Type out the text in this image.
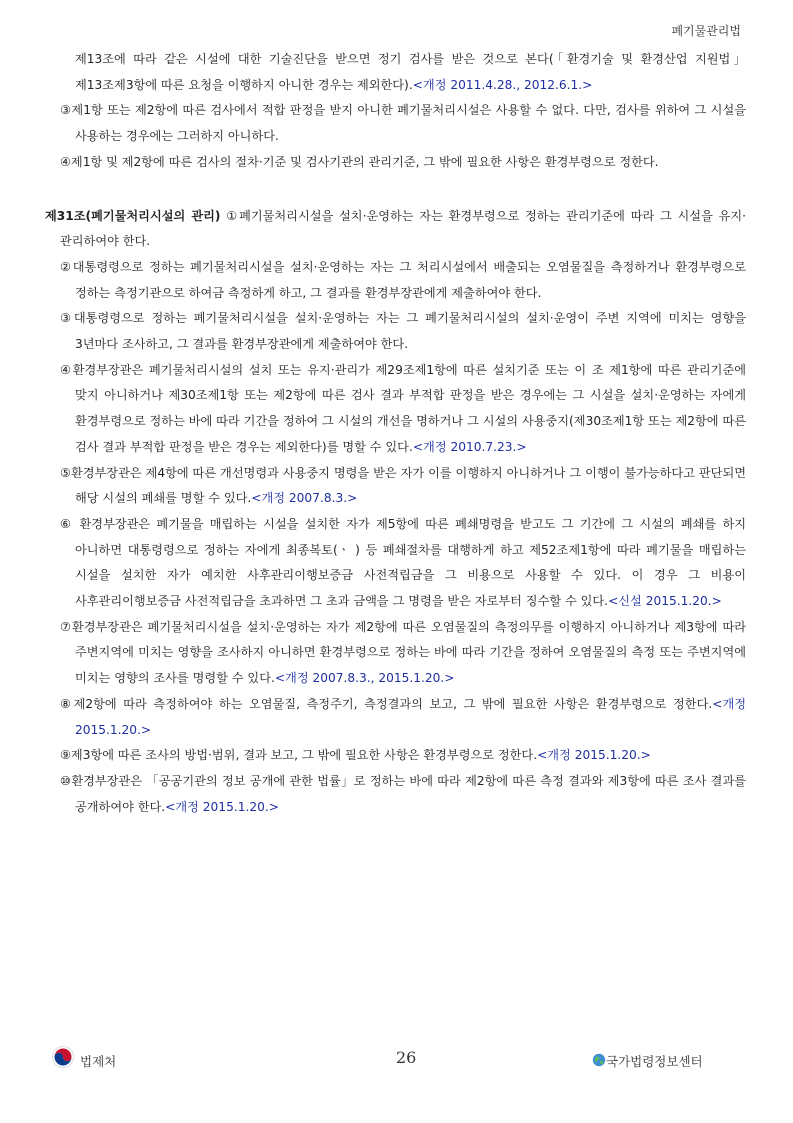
폐기물관리법
제13조에 따라 같은 시설에 대한 기술진단을 받으면 정기 검사를 받은 것으로 본다(「환경기술 및 환경산업 지원법」 제13조제3항에 따른 요청을 이행하지 아니한 경우는 제외한다).<개정 2011.4.28., 2012.6.1.>
③제1항 또는 제2항에 따른 검사에서 적합 판정을 받지 아니한 폐기물처리시설은 사용할 수 없다. 다만, 검사를 위하여 그 시설을 사용하는 경우에는 그러하지 아니하다.
④제1항 및 제2항에 따른 검사의 절차·기준 및 검사기관의 관리기준, 그 밖에 필요한 사항은 환경부령으로 정한다.
제31조(폐기물처리시설의 관리) ①폐기물처리시설을 설치·운영하는 자는 환경부령으로 정하는 관리기준에 따라 그 시설을 유지·관리하여야 한다.
②대통령령으로 정하는 폐기물처리시설을 설치·운영하는 자는 그 처리시설에서 배출되는 오염물질을 측정하거나 환경부령으로 정하는 측정기관으로 하여금 측정하게 하고, 그 결과를 환경부장관에게 제출하여야 한다.
③대통령령으로 정하는 폐기물처리시설을 설치·운영하는 자는 그 폐기물처리시설의 설치·운영이 주변 지역에 미치는 영향을 3년마다 조사하고, 그 결과를 환경부장관에게 제출하여야 한다.
④환경부장관은 폐기물처리시설의 설치 또는 유지·관리가 제29조제1항에 따른 설치기준 또는 이 조 제1항에 따른 관리기준에 맞지 아니하거나 제30조제1항 또는 제2항에 따른 검사 결과 부적합 판정을 받은 경우에는 그 시설을 설치·운영하는 자에게 환경부령으로 정하는 바에 따라 기간을 정하여 그 시설의 개선을 명하거나 그 시설의 사용중지(제30조제1항 또는 제2항에 따른 검사 결과 부적합 판정을 받은 경우는 제외한다)를 명할 수 있다.<개정 2010.7.23.>
⑤환경부장관은 제4항에 따른 개선명령과 사용중지 명령을 받은 자가 이를 이행하지 아니하거나 그 이행이 불가능하다고 판단되면 해당 시설의 폐쇄를 명할 수 있다.<개정 2007.8.3.>
⑥ 환경부장관은 폐기물을 매립하는 시설을 설치한 자가 제5항에 따른 폐쇄명령을 받고도 그 기간에 그 시설의 폐쇄를 하지 아니하면 대통령령으로 정하는 자에게 최종복토(ㆍ ) 등 폐쇄절차를 대행하게 하고 제52조제1항에 따라 폐기물을 매립하는 시설을 설치한 자가 예치한 사후관리이행보증금 사전적립금을 그 비용으로 사용할 수 있다. 이 경우 그 비용이 사후관리이행보증금 사전적립금을 초과하면 그 초과 금액을 그 명령을 받은 자로부터 징수할 수 있다.<신설 2015.1.20.>
⑦환경부장관은 폐기물처리시설을 설치·운영하는 자가 제2항에 따른 오염물질의 측정의무를 이행하지 아니하거나 제3항에 따라 주변지역에 미치는 영향을 조사하지 아니하면 환경부령으로 정하는 바에 따라 기간을 정하여 오염물질의 측정 또는 주변지역에 미치는 영향의 조사를 명령할 수 있다.<개정 2007.8.3., 2015.1.20.>
⑧제2항에 따라 측정하여야 하는 오염물질, 측정주기, 측정결과의 보고, 그 밖에 필요한 사항은 환경부령으로 정한다.<개정 2015.1.20.>
⑨제3항에 따른 조사의 방법·범위, 결과 보고, 그 밖에 필요한 사항은 환경부령으로 정한다.<개정 2015.1.20.>
⑩환경부장관은 「공공기관의 정보 공개에 관한 법률」로 정하는 바에 따라 제2항에 따른 측정 결과와 제3항에 따른 조사 결과를 공개하여야 한다.<개정 2015.1.20.>
법제처	26	국가법령정보센터
